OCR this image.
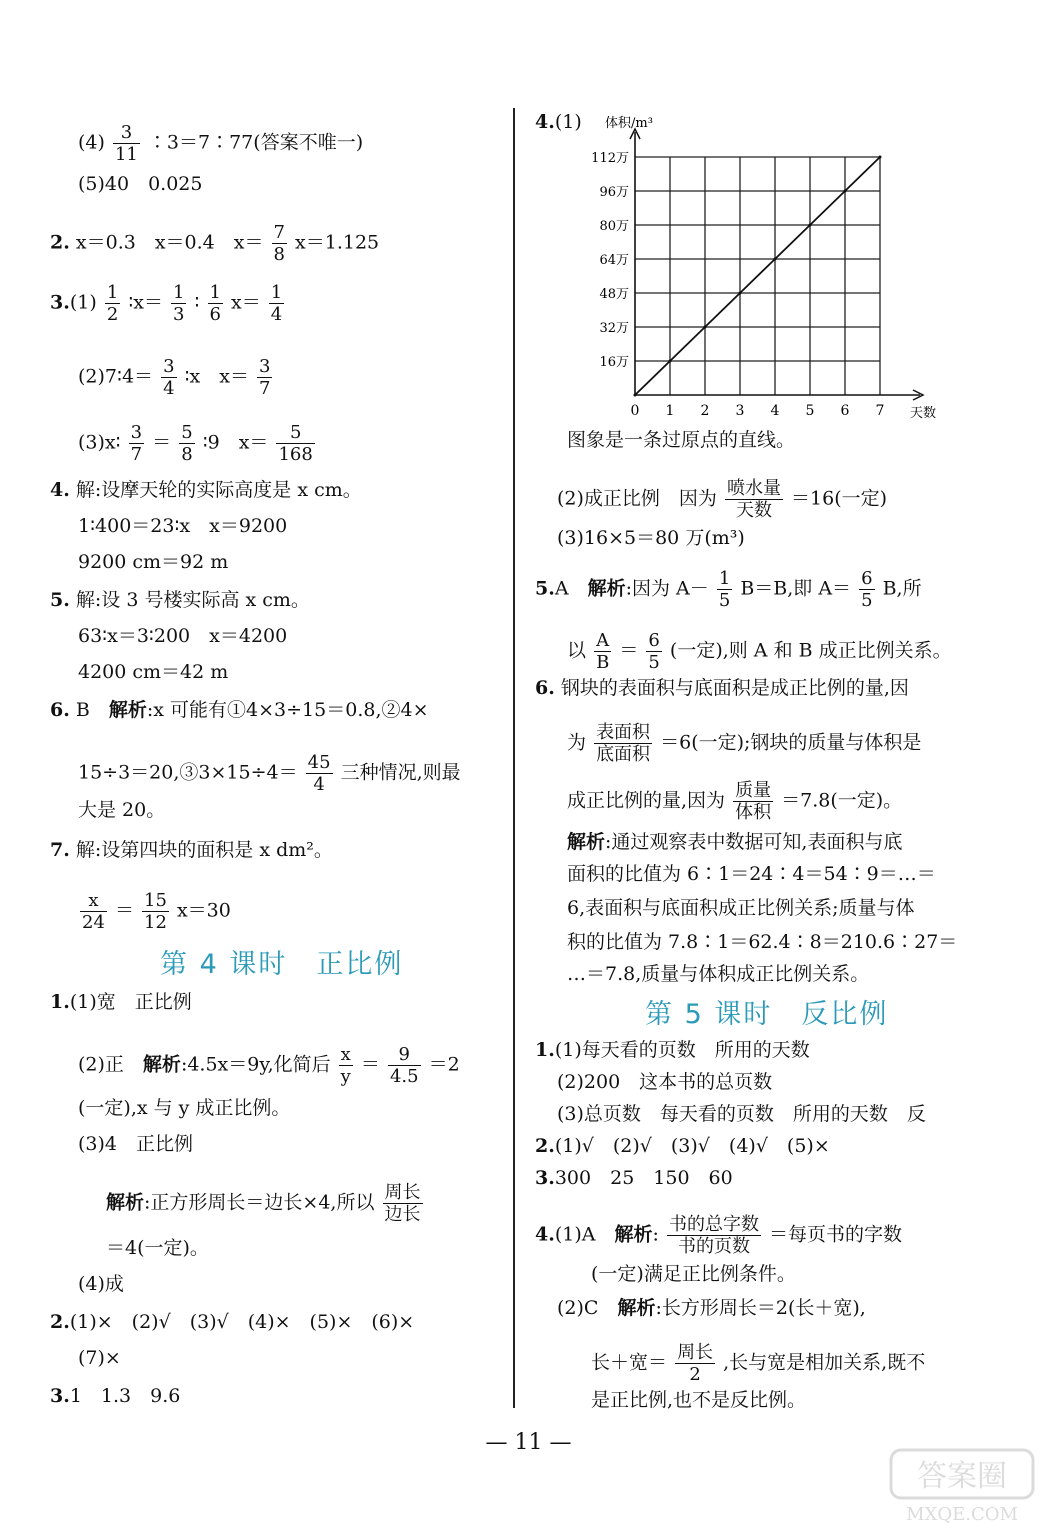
$(4) \frac{3}{11}$ ∶3＝7∶77(答案不唯一)
(5)40　0.025
2. x＝0.3　x＝0.4　$x= \frac{7}{8} x=1.125$
$3.(1) \frac{1}{2}$ ∶x＝ $\frac{1}{3}$ ∶ $\frac{1}{6} x= \frac{1}{4}$
(2)7∶4＝ $\frac{3}{4}$ ∶x　$x= \frac{3}{7}$
(3)x∶ $\frac{3}{7} = \frac{5}{8}$ ∶9　$x= \frac{5}{168}$
4. 解:设摩天轮的实际高度是 x cm。
1∶400＝23∶x　x＝9200
9200 cm＝92 m
5. 解:设 3 号楼实际高 x cm。
63∶x＝3∶200　x＝4200
4200 cm＝42 m
6. B　解析:x 可能有①4×3÷15＝0.8,②4×
15÷3＝20,③3×15÷4＝ $\frac{45}{4}$ 三种情况,则最
大是 20。
7. 解:设第四块的面积是 x dm²。
$\frac{x}{24} = \frac{15}{12} x=30$
第 4 课时　正比例
1.(1)宽　正比例
(2)正　解析:4.5x＝9y,化简后 $\frac{x}{y} = \frac{9}{4.5} =2$
(一定),x 与 y 成正比例。
(3)4　正比例
解析:正方形周长＝边长×4,所以 $\frac{\text{周长}}{\text{边长}}$
＝4(一定)。
(4)成
2.(1)×　(2)√　(3)√　(4)×　(5)×　(6)×
(7)×
3.1　1.3　9.6
4.(1)
0 1 2 3 4 5 6 7
16万
32万
48万
64万
80万
96万
112万
体积/m³
天数
图象是一条过原点的直线。
(2)成正比例　因为 $\frac{\text{喷水量}}{\text{天数}} =16$(一定)
(3)16×5＝80 万(m³)
5.A　解析:因为 $A- \frac{1}{5} B=B$,即 $A= \frac{6}{5} B$,所
以 $\frac{A}{B} = \frac{6}{5}$ (一定),则 A 和 B 成正比例关系。
6. 钢块的表面积与底面积是成正比例的量,因
为 $\frac{\text{表面积}}{\text{底面积}} =6$(一定);钢块的质量与体积是
成正比例的量,因为 $\frac{\text{质量}}{\text{体积}} =7.8$(一定)。
解析:通过观察表中数据可知,表面积与底
面积的比值为 6∶1＝24∶4＝54∶9＝…＝
6,表面积与底面积成正比例关系;质量与体
积的比值为 7.8∶1＝62.4∶8＝210.6∶27＝
…＝7.8,质量与体积成正比例关系。
第 5 课时　反比例
1.(1)每天看的页数　所用的天数
(2)200　这本书的总页数
(3)总页数　每天看的页数　所用的天数　反
2.(1)√　(2)√　(3)√　(4)√　(5)×
3.300　25　150　60
4.(1)A　解析: $\frac{\text{书的总字数}}{\text{书的页数}}$ ＝每页书的字数
(一定)满足正比例条件。
(2)C　解析:长方形周长＝2(长＋宽),
长＋宽＝ $\frac{\text{周长}}{2}$ ,长与宽是相加关系,既不
是正比例,也不是反比例。
— 11 —
答案圈
MXQE.COM
